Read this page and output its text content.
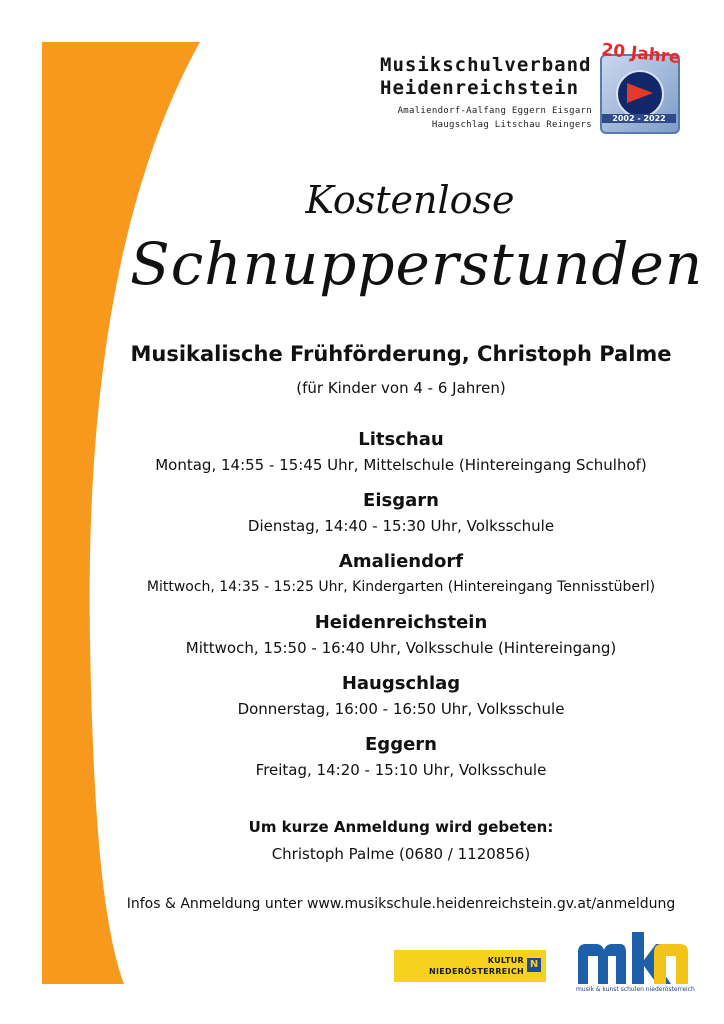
Musikschulverband
Heidenreichstein
Amaliendorf-Aalfang Eggern Eisgarn
Haugschlag Litschau Reingers
20 Jahre
2002 - 2022
Kostenlose
Schnupperstunden
Musikalische Frühförderung, Christoph Palme
(für Kinder von 4 - 6 Jahren)
Litschau
Montag, 14:55 - 15:45 Uhr, Mittelschule (Hintereingang Schulhof)
Eisgarn
Dienstag, 14:40 - 15:30 Uhr, Volksschule
Amaliendorf
Mittwoch, 14:35 - 15:25 Uhr, Kindergarten (Hintereingang Tennisstüberl)
Heidenreichstein
Mittwoch, 15:50 - 16:40 Uhr, Volksschule (Hintereingang)
Haugschlag
Donnerstag, 16:00 - 16:50 Uhr, Volksschule
Eggern
Freitag, 14:20 - 15:10 Uhr, Volksschule
Um kurze Anmeldung wird gebeten:
Christoph Palme (0680 / 1120856)
Infos & Anmeldung unter www.musikschule.heidenreichstein.gv.at/anmeldung
KULTUR
NIEDERÖSTERREICH
N
musik & kunst schulen niederösterreich
